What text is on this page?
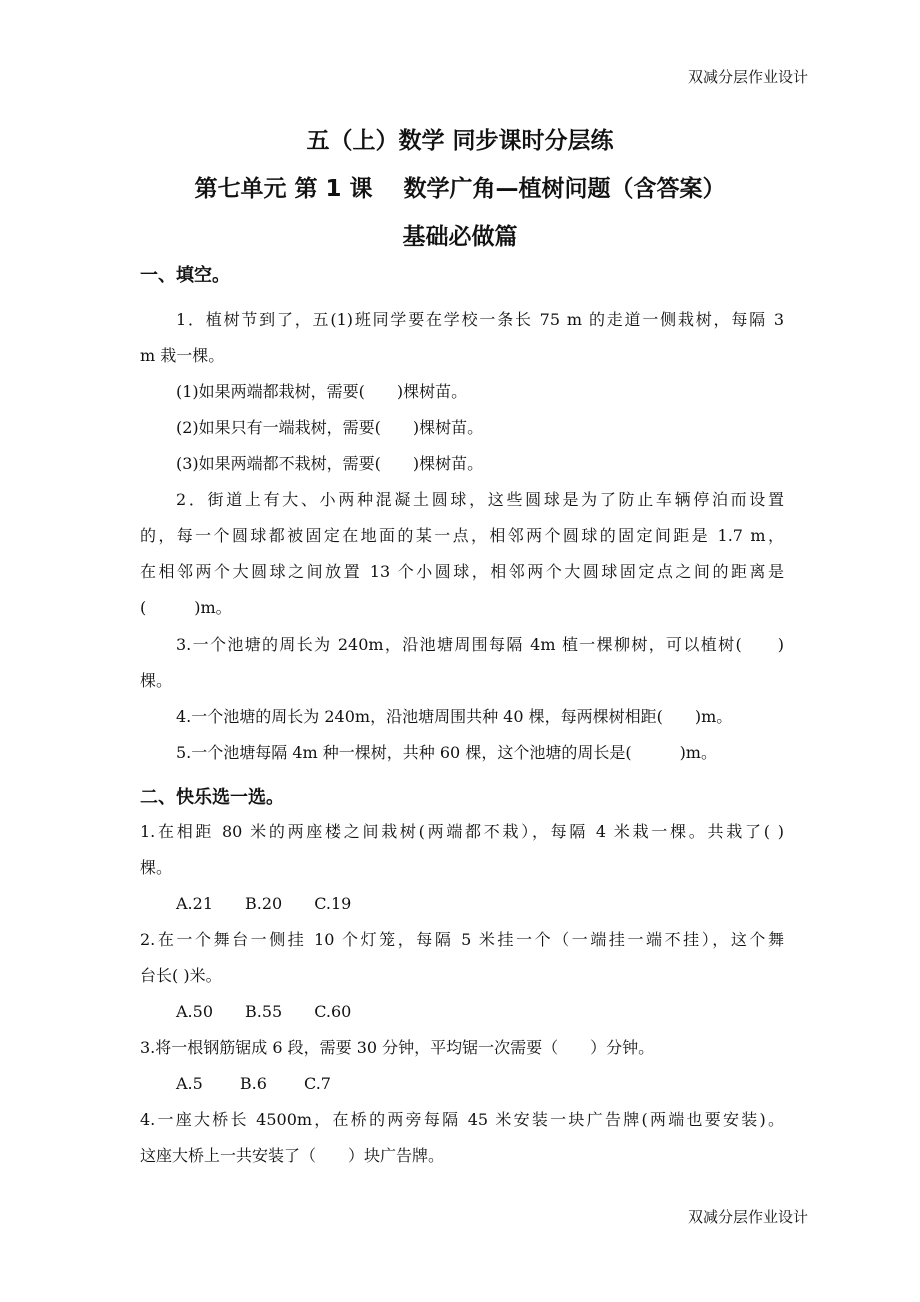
双减分层作业设计
五（上）数学 同步课时分层练
第七单元 第 1 课　 数学广角—植树问题（含答案）
基础必做篇
一、填空。
1．植树节到了，五(1)班同学要在学校一条长 75 m 的走道一侧栽树，每隔 3
m 栽一棵。
(1)如果两端都栽树，需要(　　)棵树苗。
(2)如果只有一端栽树，需要(　　)棵树苗。
(3)如果两端都不栽树，需要(　　)棵树苗。
2．街道上有大、小两种混凝土圆球，这些圆球是为了防止车辆停泊而设置
的，每一个圆球都被固定在地面的某一点，相邻两个圆球的固定间距是 1.7 m，
在相邻两个大圆球之间放置 13 个小圆球，相邻两个大圆球固定点之间的距离是
(　　　)m。
3.一个池塘的周长为 240m，沿池塘周围每隔 4m 植一棵柳树，可以植树(　　)
棵。
4.一个池塘的周长为 240m，沿池塘周围共种 40 棵，每两棵树相距(　　)m。
5.一个池塘每隔 4m 种一棵树，共种 60 棵，这个池塘的周长是(　　　)m。
二、快乐选一选。
1.在相距 80 米的两座楼之间栽树(两端都不栽），每隔 4 米栽一棵。共栽了( )
棵。
A.21　　B.20　　C.19
2.在一个舞台一侧挂 10 个灯笼，每隔 5 米挂一个（一端挂一端不挂），这个舞
台长( )米。
A.50　　B.55　　C.60
3.将一根钢筋锯成 6 段，需要 30 分钟，平均锯一次需要（　　）分钟。
A.5　　 B.6　　 C.7
4.一座大桥长 4500m，在桥的两旁每隔 45 米安装一块广告牌(两端也要安装)。
这座大桥上一共安装了（　　）块广告牌。
双减分层作业设计
